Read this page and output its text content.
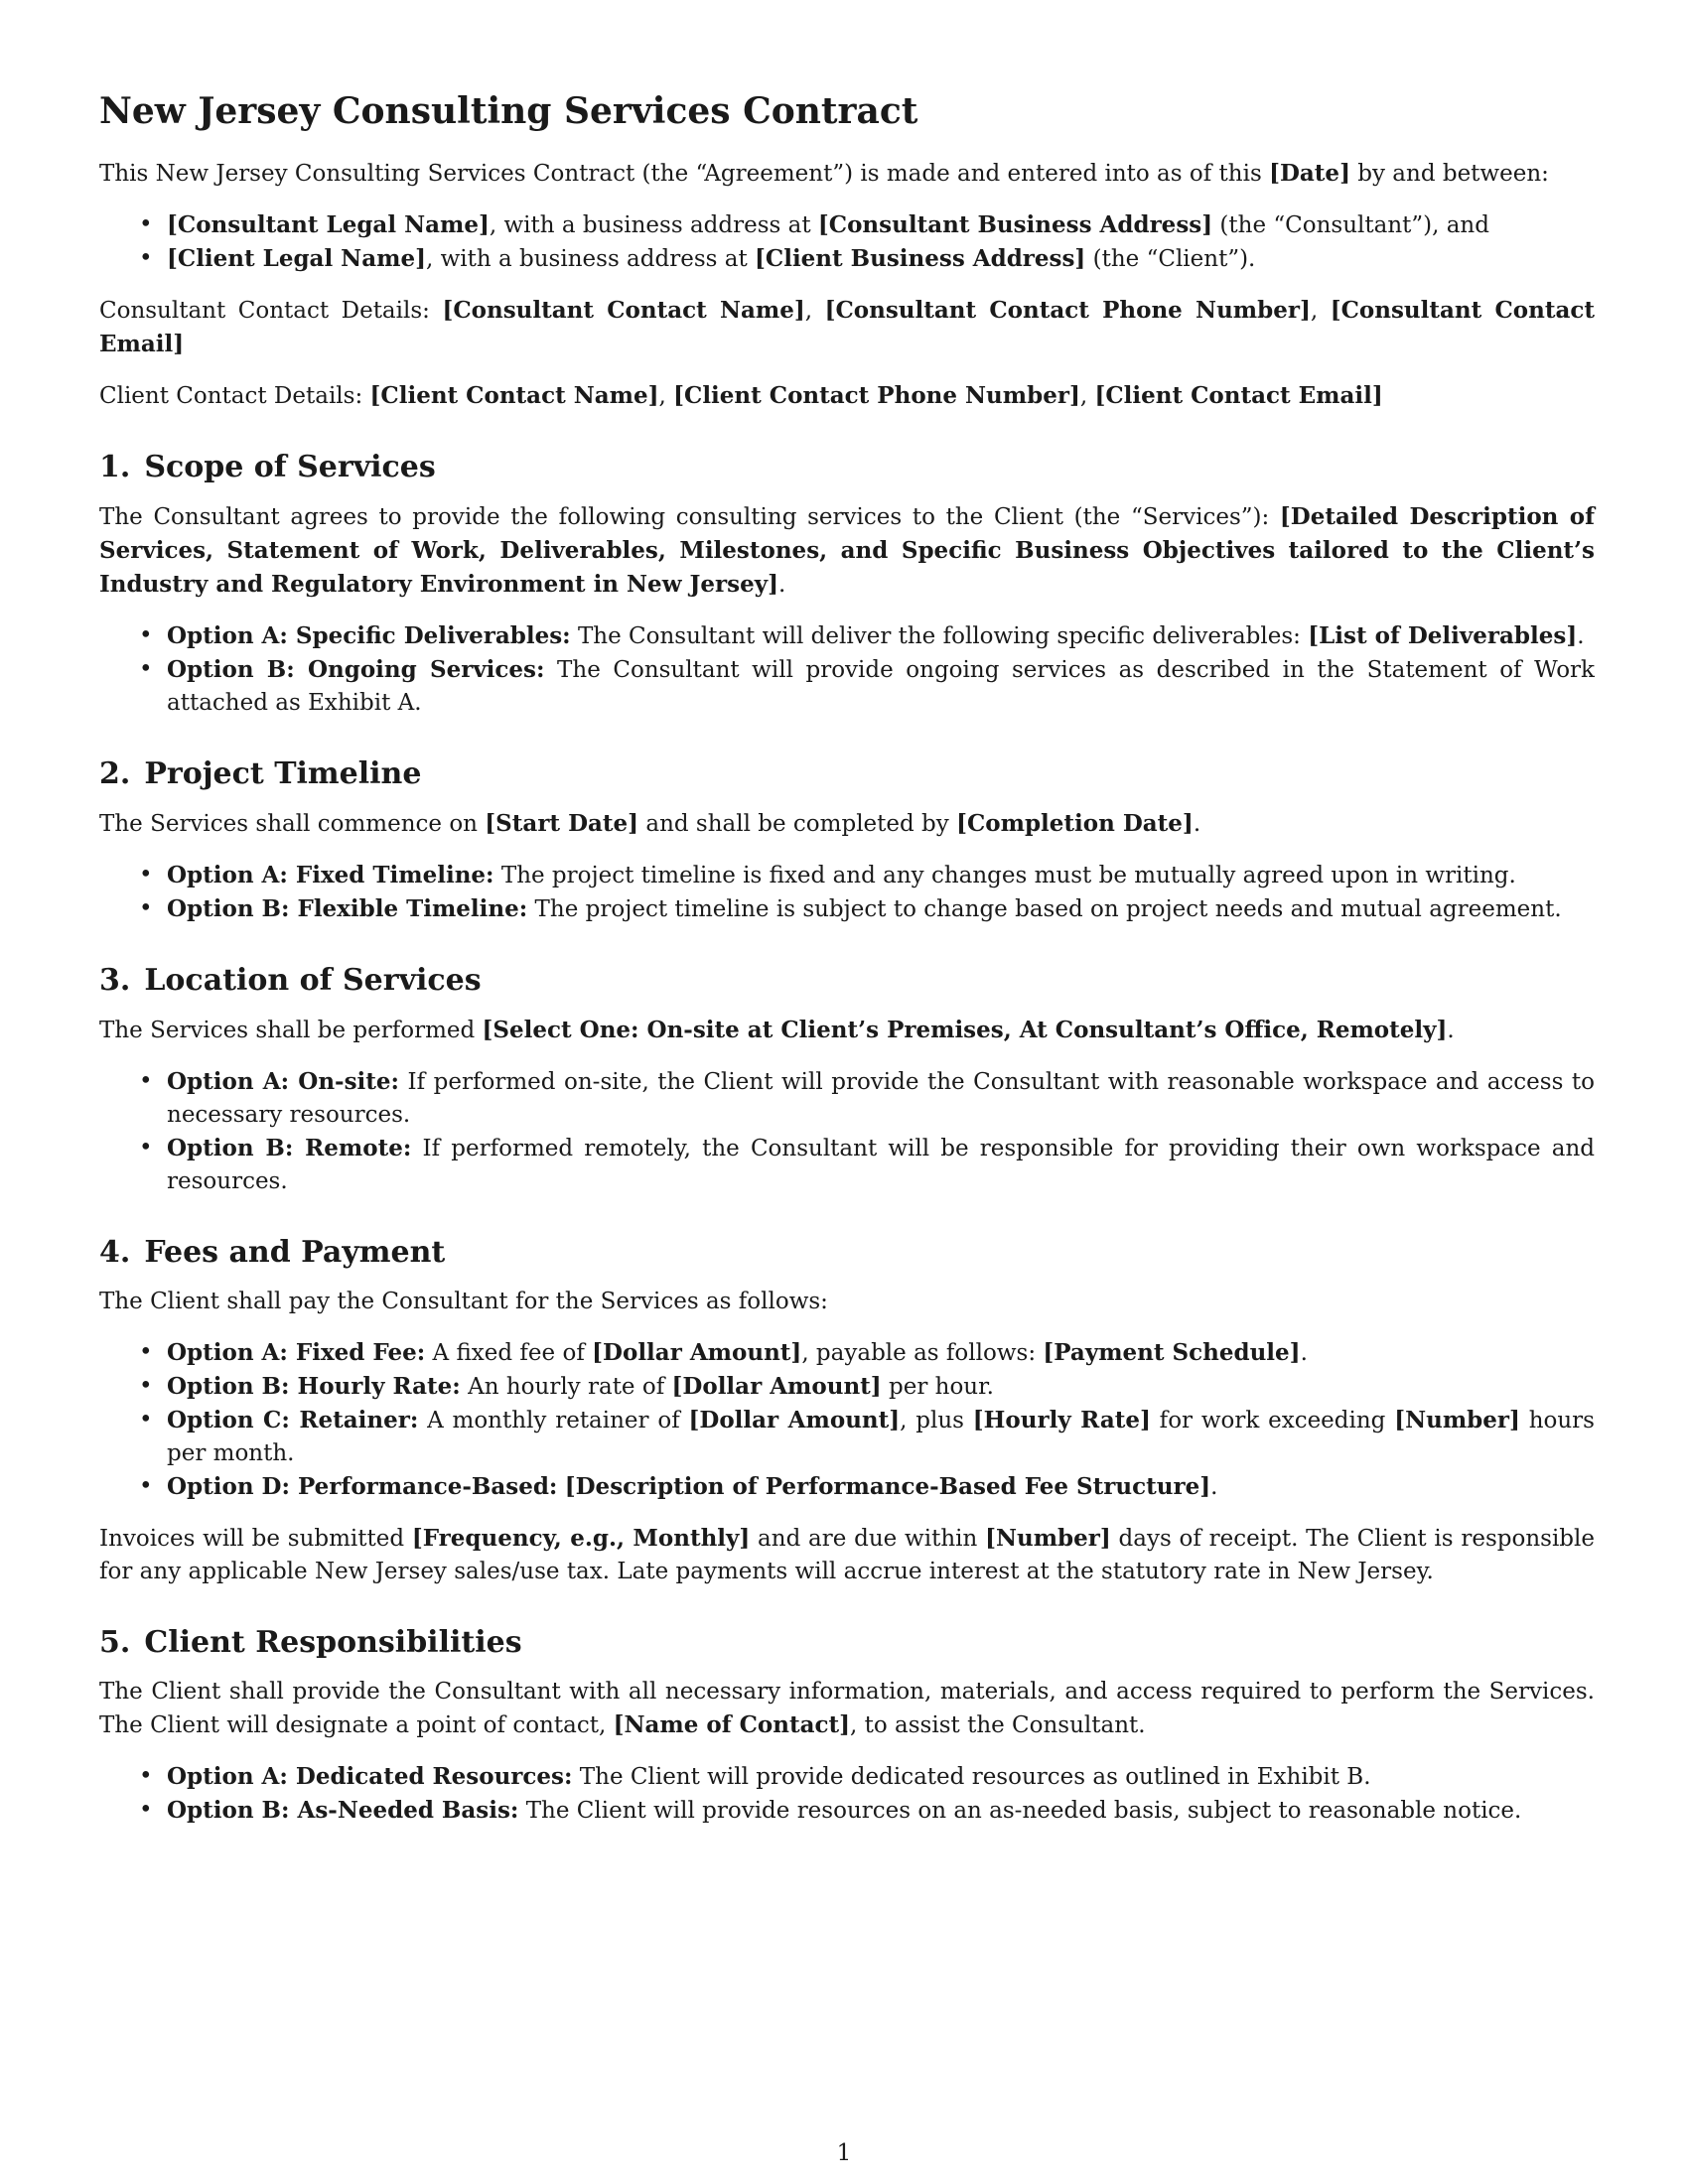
New Jersey Consulting Services Contract

This New Jersey Consulting Services Contract (the “Agreement”) is made and entered into as of this [Date] by and between:

• [Consultant Legal Name], with a business address at [Consultant Business Address] (the “Consultant”), and
• [Client Legal Name], with a business address at [Client Business Address] (the “Client”).

Consultant Contact Details: [Consultant Contact Name], [Consultant Contact Phone Number], [Consultant Contact Email]

Client Contact Details: [Client Contact Name], [Client Contact Phone Number], [Client Contact Email]

1. Scope of Services

The Consultant agrees to provide the following consulting services to the Client (the “Services”): [Detailed Description of Services, Statement of Work, Deliverables, Milestones, and Specific Business Objectives tailored to the Client’s Industry and Regulatory Environment in New Jersey].

• Option A: Specific Deliverables: The Consultant will deliver the following specific deliverables: [List of Deliverables].
• Option B: Ongoing Services: The Consultant will provide ongoing services as described in the Statement of Work attached as Exhibit A.
2. Project Timeline

The Services shall commence on [Start Date] and shall be completed by [Completion Date].

• Option A: Fixed Timeline: The project timeline is fixed and any changes must be mutually agreed upon in writing.
• Option B: Flexible Timeline: The project timeline is subject to change based on project needs and mutual agreement.
3. Location of Services

The Services shall be performed [Select One: On-site at Client’s Premises, At Consultant’s Office, Remotely].

• Option A: On-site: If performed on-site, the Client will provide the Consultant with reasonable workspace and access to necessary resources.
• Option B: Remote: If performed remotely, the Consultant will be responsible for providing their own workspace and resources.
4. Fees and Payment

The Client shall pay the Consultant for the Services as follows:

• Option A: Fixed Fee: A fixed fee of [Dollar Amount], payable as follows: [Payment Schedule].
• Option B: Hourly Rate: An hourly rate of [Dollar Amount] per hour.
• Option C: Retainer: A monthly retainer of [Dollar Amount], plus [Hourly Rate] for work exceeding [Number] hours per month.
• Option D: Performance-Based: [Description of Performance-Based Fee Structure].

Invoices will be submitted [Frequency, e.g., Monthly] and are due within [Number] days of receipt. The Client is responsible for any applicable New Jersey sales/use tax. Late payments will accrue interest at the statutory rate in New Jersey.

5. Client Responsibilities

The Client shall provide the Consultant with all necessary information, materials, and access required to perform the Services. The Client will designate a point of contact, [Name of Contact], to assist the Consultant.

• Option A: Dedicated Resources: The Client will provide dedicated resources as outlined in Exhibit B.
• Option B: As-Needed Basis: The Client will provide resources on an as-needed basis, subject to reasonable notice.
1
